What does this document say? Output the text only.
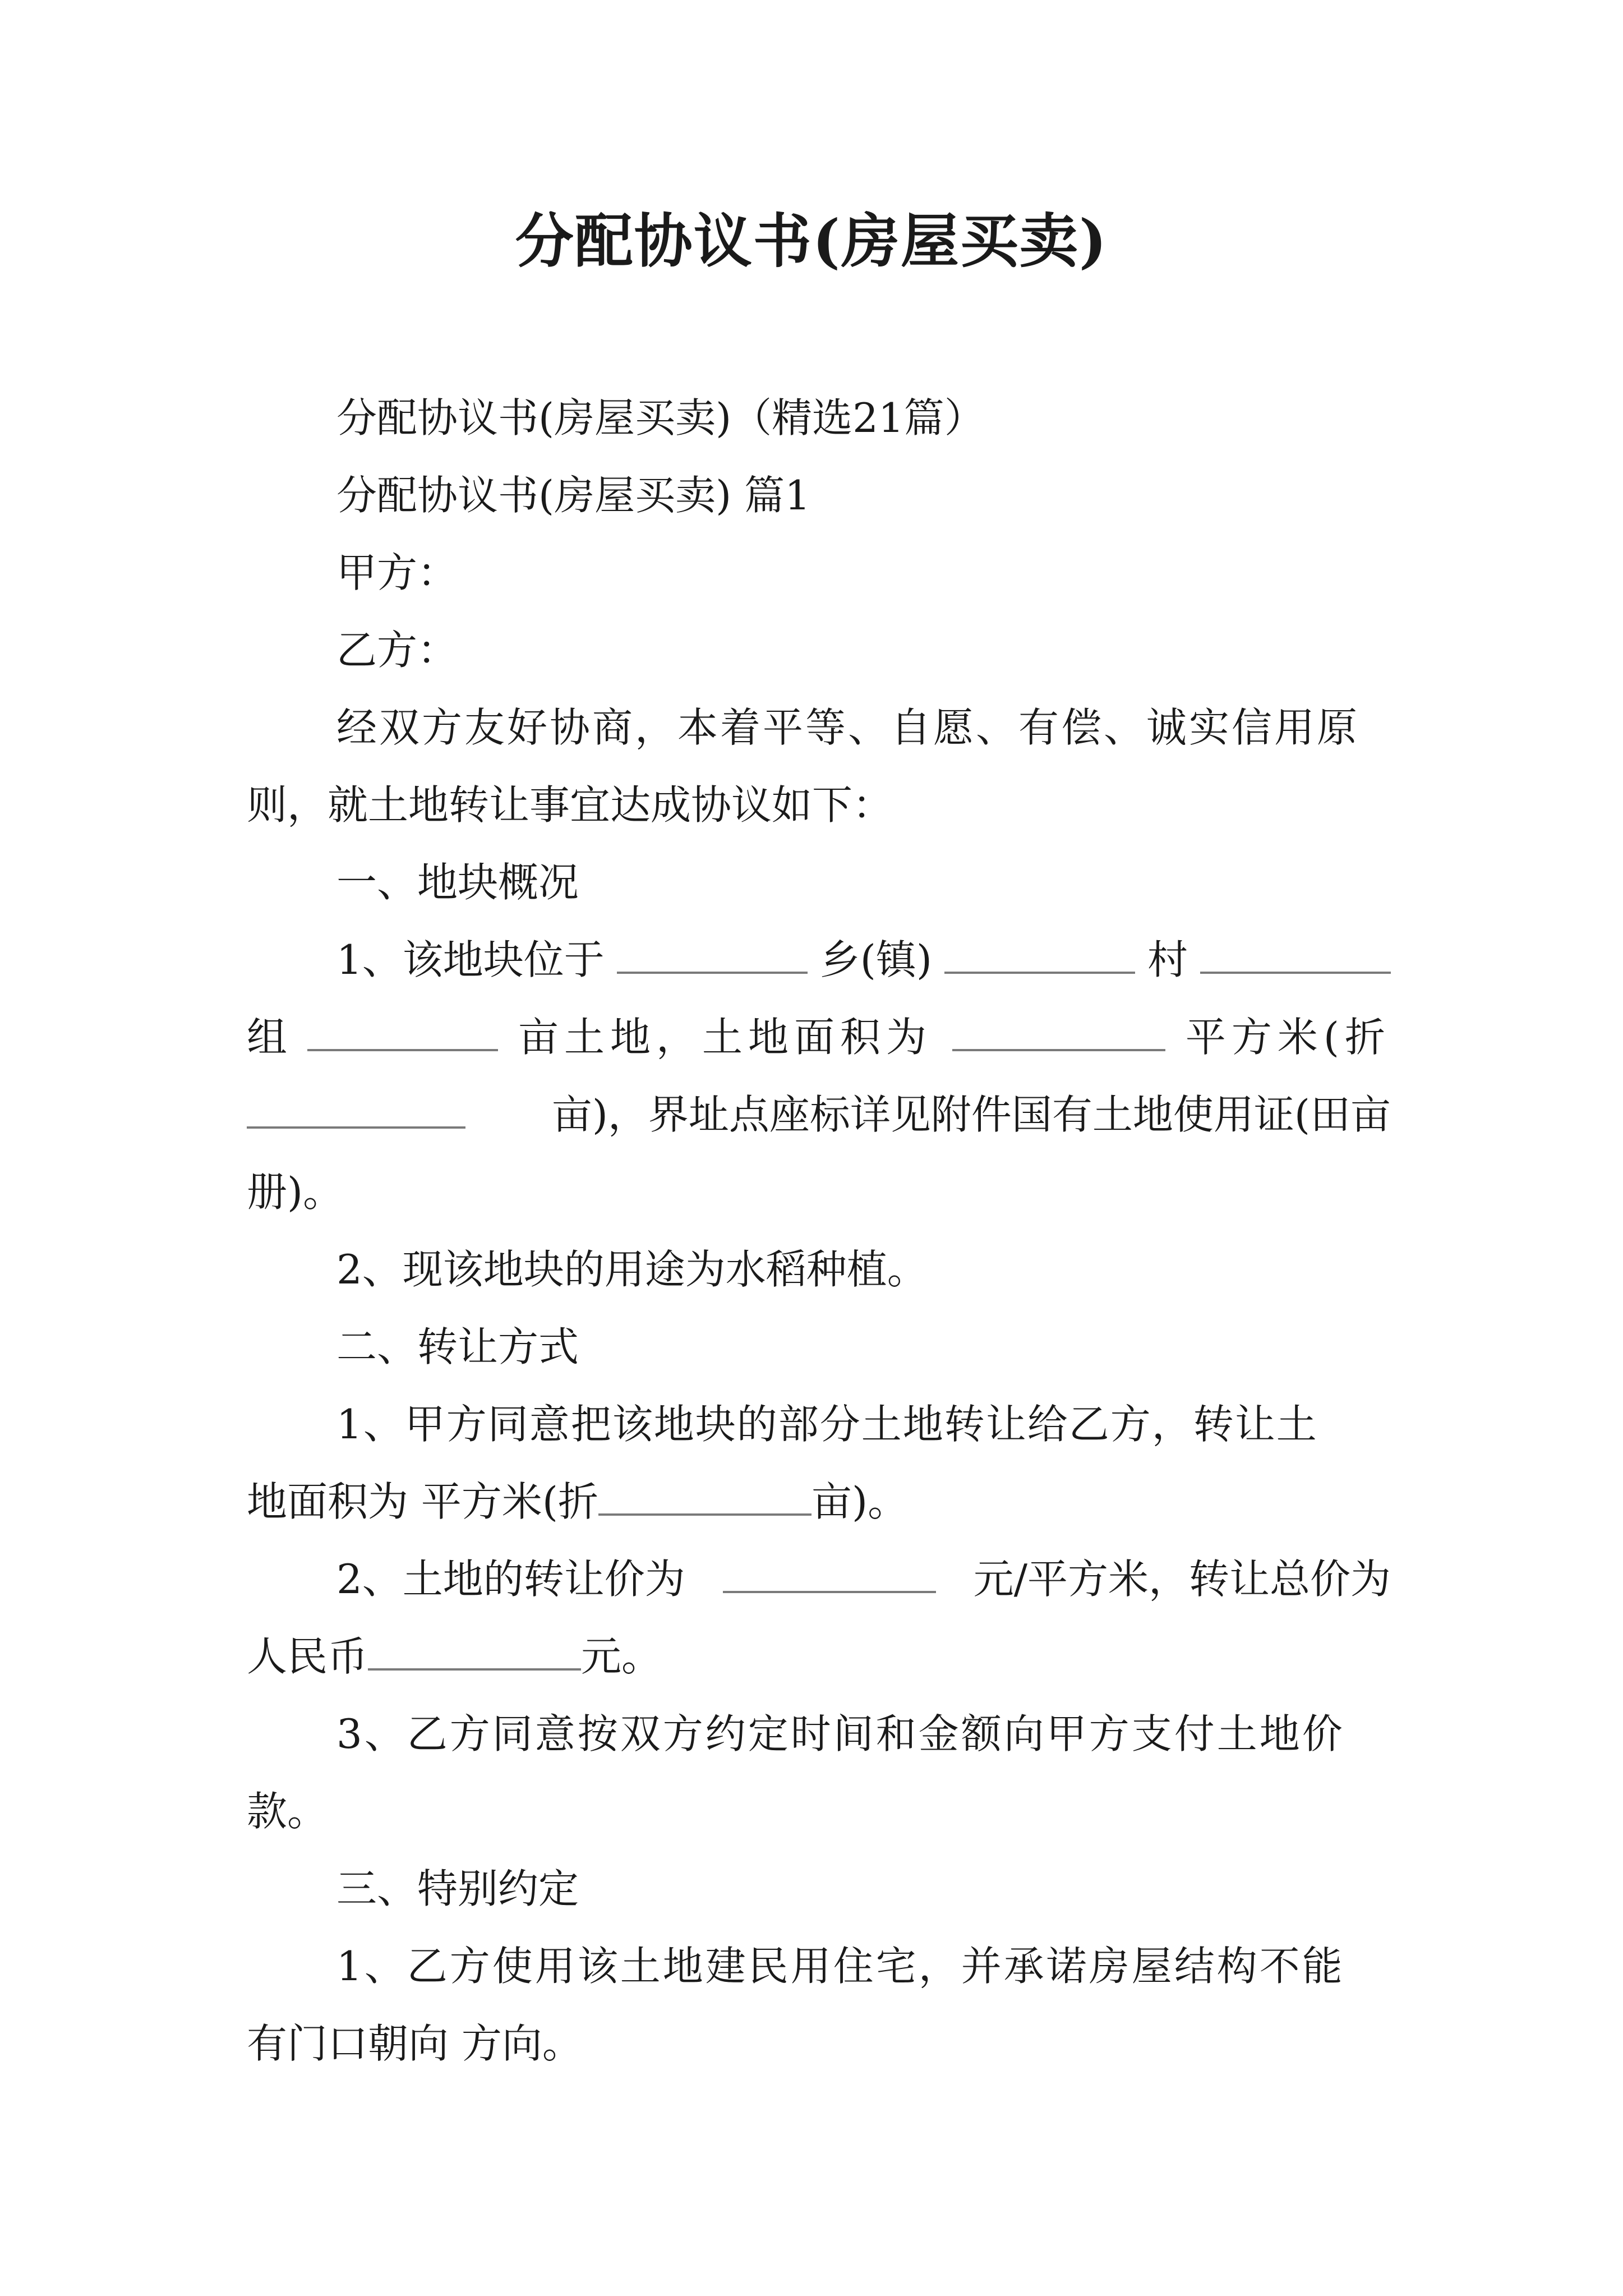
分配协议书(房屋买卖)
分配协议书(房屋买卖)（精选21篇）
分配协议书(房屋买卖) 篇1
甲方：
乙方：
经双方友好协商，本着平等、自愿、有偿、诚实信用原
则，就土地转让事宜达成协议如下：
一、地块概况
1、该地块位于	乡(镇)	村
组	亩土地，土地面积为	平方米(折
亩)，界址点座标详见附件国有土地使用证(田亩
册)。
2、现该地块的用途为水稻种植。
二、转让方式
1、甲方同意把该地块的部分土地转让给乙方，转让土
地面积为 平方米(折	亩)。
2、土地的转让价为	元/平方米，转让总价为
人民币	元。
3、乙方同意按双方约定时间和金额向甲方支付土地价
款。
三、特别约定
1、乙方使用该土地建民用住宅，并承诺房屋结构不能
有门口朝向 方向。
